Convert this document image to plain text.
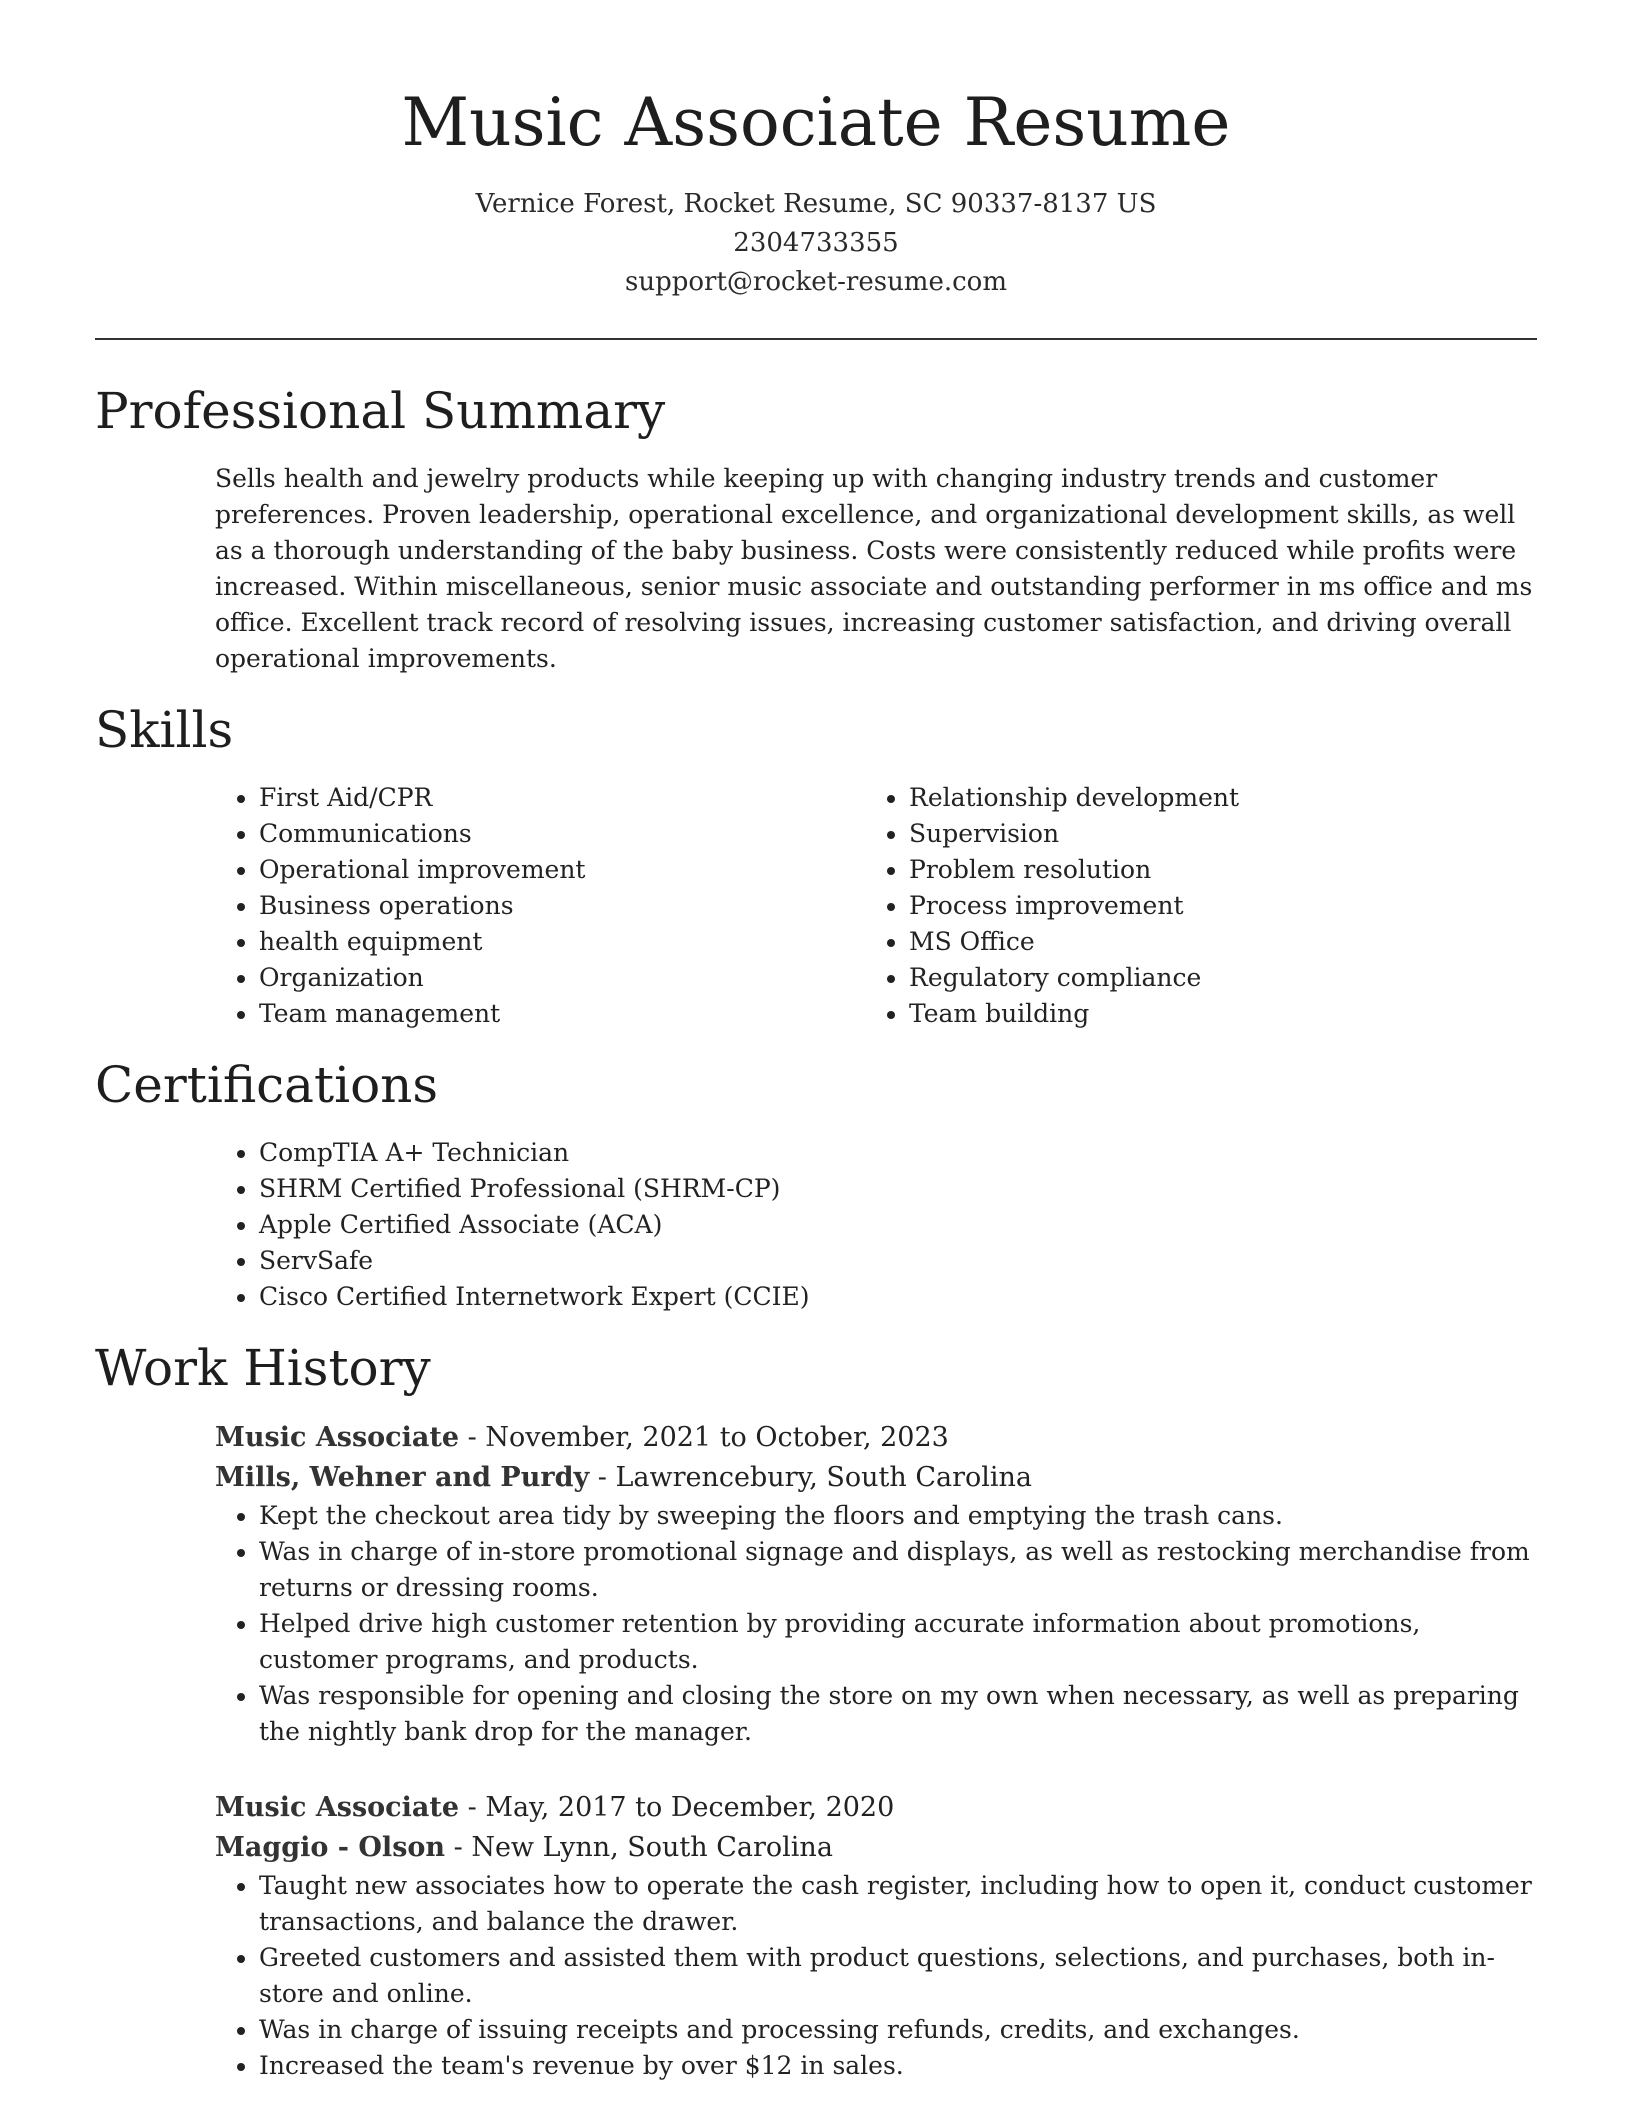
Music Associate Resume
Vernice Forest, Rocket Resume, SC 90337-8137 US
2304733355
support@rocket-resume.com
Professional Summary

Sells health and jewelry products while keeping up with changing industry trends and customer preferences. Proven leadership, operational excellence, and organizational development skills, as well as a thorough understanding of the baby business. Costs were consistently reduced while profits were increased. Within miscellaneous, senior music associate and outstanding performer in ms office and ms office. Excellent track record of resolving issues, increasing customer satisfaction, and driving overall operational improvements.

Skills
• First Aid/CPR
• Communications
• Operational improvement
• Business operations
• health equipment
• Organization
• Team management
• Relationship development
• Supervision
• Problem resolution
• Process improvement
• MS Office
• Regulatory compliance
• Team building
Certifications
• CompTIA A+ Technician
• SHRM Certified Professional (SHRM-CP)
• Apple Certified Associate (ACA)
• ServSafe
• Cisco Certified Internetwork Expert (CCIE)
Work History
Music Associate - November, 2021 to October, 2023
Mills, Wehner and Purdy - Lawrencebury, South Carolina
• Kept the checkout area tidy by sweeping the floors and emptying the trash cans.
• Was in charge of in-store promotional signage and displays, as well as restocking merchandise from returns or dressing rooms.
• Helped drive high customer retention by providing accurate information about promotions, customer programs, and products.
• Was responsible for opening and closing the store on my own when necessary, as well as preparing the nightly bank drop for the manager.
Music Associate - May, 2017 to December, 2020
Maggio - Olson - New Lynn, South Carolina
• Taught new associates how to operate the cash register, including how to open it, conduct customer transactions, and balance the drawer.
• Greeted customers and assisted them with product questions, selections, and purchases, both in-store and online.
• Was in charge of issuing receipts and processing refunds, credits, and exchanges.
• Increased the team's revenue by over $12 in sales.
